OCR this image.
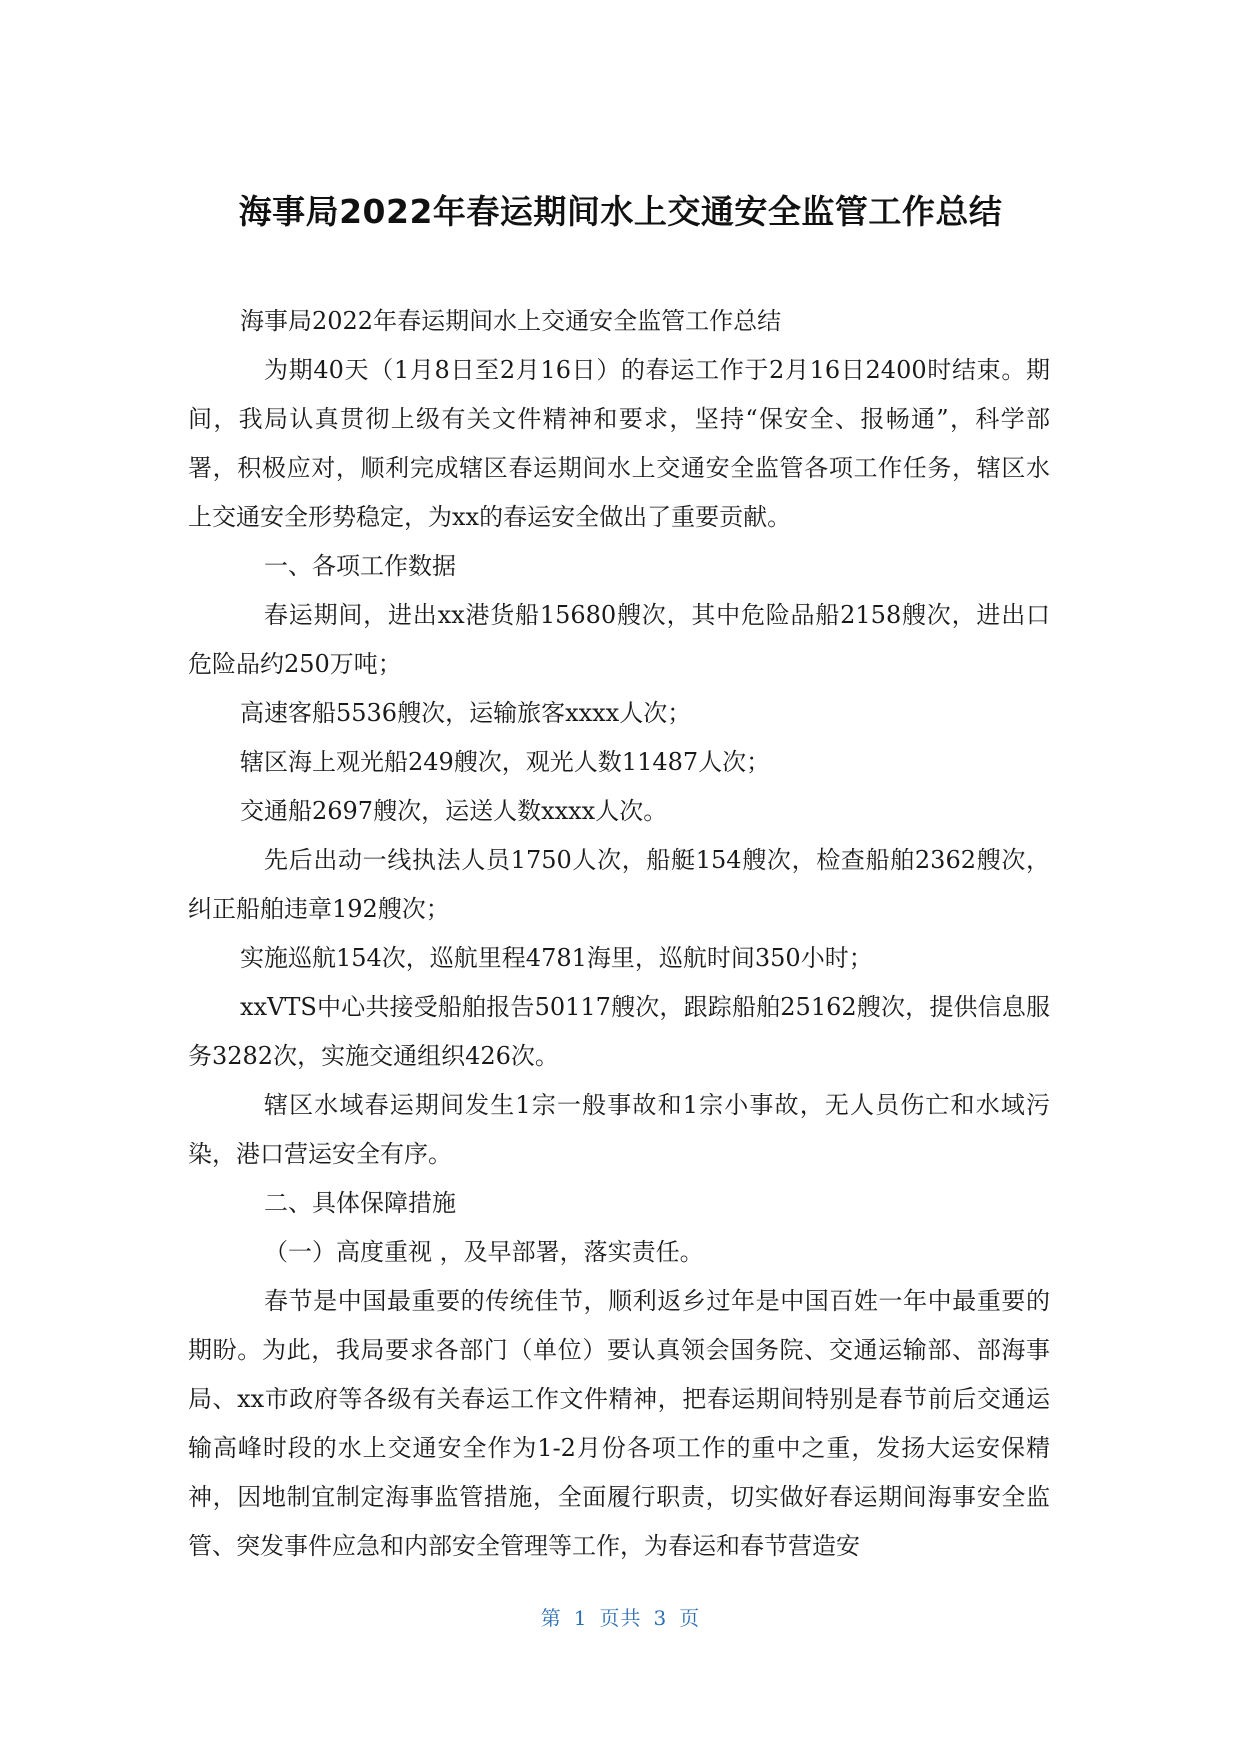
海事局2022年春运期间水上交通安全监管工作总结

海事局2022年春运期间水上交通安全监管工作总结

为期40天（1月8日至2月16日）的春运工作于2月16日2400时结束。期间，我局认真贯彻上级有关文件精神和要求，坚持“保安全、报畅通”，科学部署，积极应对，顺利完成辖区春运期间水上交通安全监管各项工作任务，辖区水上交通安全形势稳定，为xx的春运安全做出了重要贡献。

一、各项工作数据

春运期间，进出xx港货船15680艘次，其中危险品船2158艘次，进出口危险品约250万吨；

高速客船5536艘次，运输旅客xxxx人次；

辖区海上观光船249艘次，观光人数11487人次；

交通船2697艘次，运送人数xxxx人次。

先后出动一线执法人员1750人次，船艇154艘次，检查船舶2362艘次，纠正船舶违章192艘次；

实施巡航154次，巡航里程4781海里，巡航时间350小时；

xxVTS中心共接受船舶报告50117艘次，跟踪船舶25162艘次，提供信息服务3282次，实施交通组织426次。

辖区水域春运期间发生1宗一般事故和1宗小事故，无人员伤亡和水域污染，港口营运安全有序。

二、具体保障措施

（一）高度重视 ，及早部署，落实责任。

春节是中国最重要的传统佳节，顺利返乡过年是中国百姓一年中最重要的期盼。为此，我局要求各部门（单位）要认真领会国务院、交通运输部、部海事局、xx市政府等各级有关春运工作文件精神，把春运期间特别是春节前后交通运输高峰时段的水上交通安全作为1-2月份各项工作的重中之重，发扬大运安保精神，因地制宜制定海事监管措施，全面履行职责，切实做好春运期间海事安全监管、突发事件应急和内部安全管理等工作，为春运和春节营造安

第 1 页共 3 页
